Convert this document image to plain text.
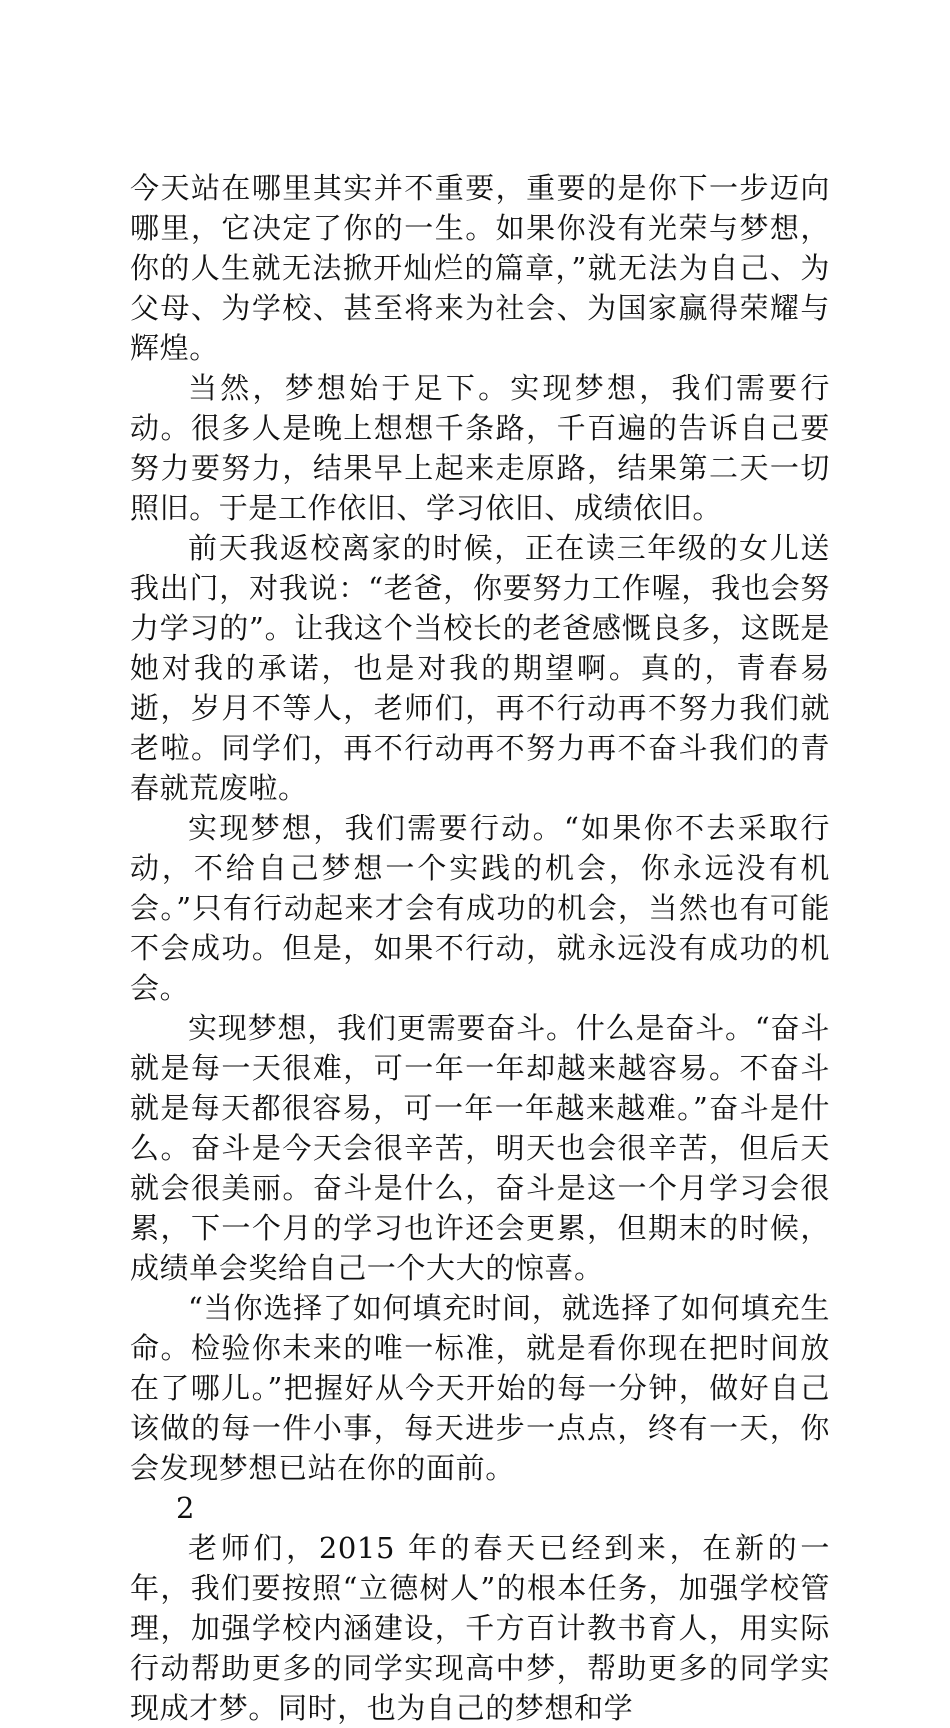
今天站在哪里其实并不重要，重要的是你下一步迈向哪里，它决定了你的一生。如果你没有光荣与梦想，你的人生就无法掀开灿烂的篇章，”就无法为自己、为父母、为学校、甚至将来为社会、为国家赢得荣耀与辉煌。

当然，梦想始于足下。实现梦想，我们需要行动。很多人是晚上想想千条路，千百遍的告诉自己要努力要努力，结果早上起来走原路，结果第二天一切照旧。于是工作依旧、学习依旧、成绩依旧。

前天我返校离家的时候，正在读三年级的女儿送我出门，对我说：“老爸，你要努力工作喔，我也会努力学习的”。让我这个当校长的老爸感慨良多，这既是她对我的承诺，也是对我的期望啊。真的，青春易逝，岁月不等人，老师们，再不行动再不努力我们就老啦。同学们，再不行动再不努力再不奋斗我们的青春就荒废啦。

实现梦想，我们需要行动。“如果你不去采取行动，不给自己梦想一个实践的机会，你永远没有机会。”只有行动起来才会有成功的机会，当然也有可能不会成功。但是，如果不行动，就永远没有成功的机会。

实现梦想，我们更需要奋斗。什么是奋斗。“奋斗就是每一天很难，可一年一年却越来越容易。不奋斗就是每天都很容易，可一年一年越来越难。”奋斗是什么。奋斗是今天会很辛苦，明天也会很辛苦，但后天就会很美丽。奋斗是什么，奋斗是这一个月学习会很累，下一个月的学习也许还会更累，但期末的时候，成绩单会奖给自己一个大大的惊喜。

“当你选择了如何填充时间，就选择了如何填充生命。检验你未来的唯一标准，就是看你现在把时间放在了哪儿。”把握好从今天开始的每一分钟，做好自己该做的每一件小事，每天进步一点点，终有一天，你会发现梦想已站在你的面前。

2

老师们，2015 年的春天已经到来，在新的一年，我们要按照“立德树人”的根本任务，加强学校管理，加强学校内涵建设，千方百计教书育人，用实际行动帮助更多的同学实现高中梦，帮助更多的同学实现成才梦。同时，也为自己的梦想和学
